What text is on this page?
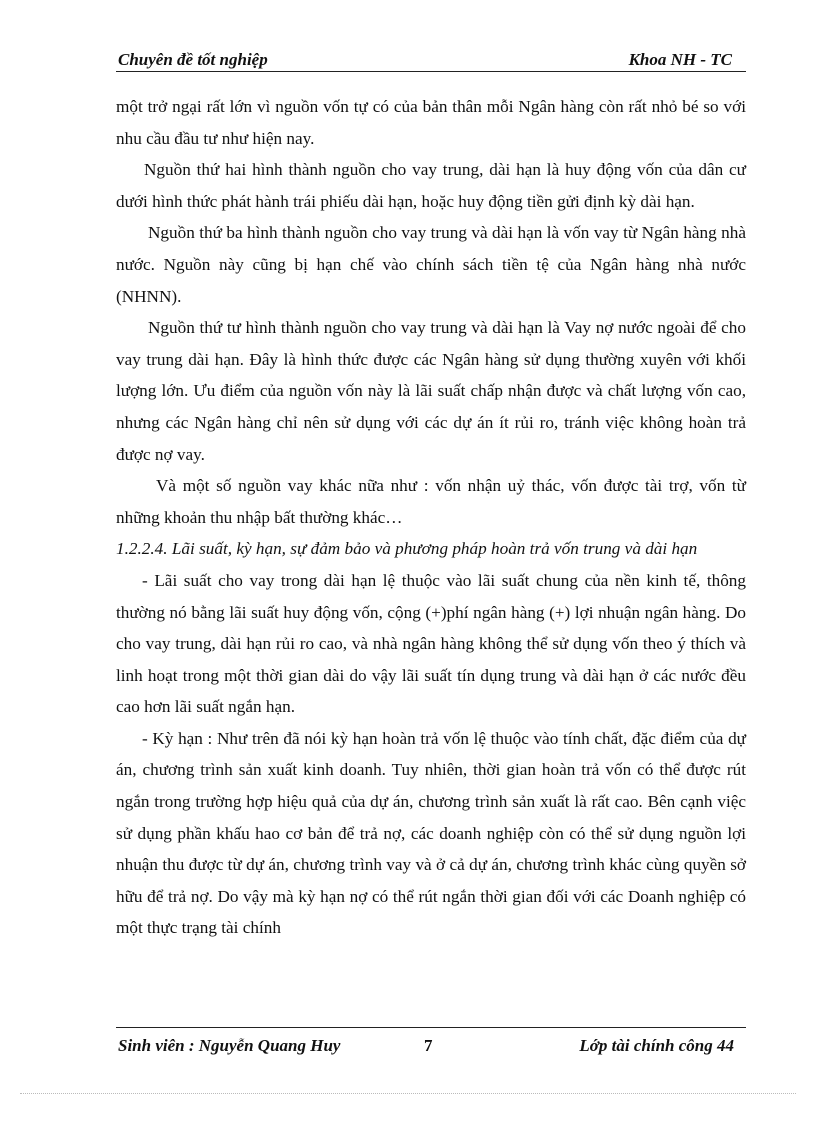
Chuyên đề tốt nghiệp	Khoa NH - TC

một trở ngại rất lớn vì nguồn vốn tự có của bản thân mỗi Ngân hàng còn rất nhỏ bé so với nhu cầu đầu tư như hiện nay.

Nguồn thứ hai hình thành nguồn cho vay trung, dài hạn là huy động vốn của dân cư dưới hình thức phát hành trái phiếu dài hạn, hoặc huy động tiền gửi định kỳ dài hạn.

Nguồn thứ ba hình thành nguồn cho vay trung và dài hạn là vốn vay từ Ngân hàng nhà nước. Nguồn này cũng bị hạn chế vào chính sách tiền tệ của Ngân hàng nhà nước (NHNN).

Nguồn thứ tư hình thành nguồn cho vay trung và dài hạn là Vay nợ nước ngoài để cho vay trung dài hạn. Đây là hình thức được các Ngân hàng sử dụng thường xuyên với khối lượng lớn. Ưu điểm của nguồn vốn này là lãi suất chấp nhận được và chất lượng vốn cao, nhưng các Ngân hàng chỉ nên sử dụng với các dự án ít rủi ro, tránh việc không hoàn trả được nợ vay.

Và một số nguồn vay khác nữa như : vốn nhận uỷ thác, vốn được tài trợ, vốn từ những khoản thu nhập bất thường khác…

1.2.2.4. Lãi suất, kỳ hạn, sự đảm bảo và phương pháp hoàn trả vốn trung và dài hạn

- Lãi suất cho vay trong dài hạn lệ thuộc vào lãi suất chung của nền kinh tế, thông thường nó bằng lãi suất huy động vốn, cộng (+)phí ngân hàng (+) lợi nhuận ngân hàng. Do cho vay trung, dài hạn rủi ro cao, và nhà ngân hàng không thể sử dụng vốn theo ý thích và linh hoạt trong một thời gian dài do vậy lãi suất tín dụng trung và dài hạn ở các nước đều cao hơn lãi suất ngắn hạn.

- Kỳ hạn : Như trên đã nói kỳ hạn hoàn trả vốn lệ thuộc vào tính chất, đặc điểm của dự án, chương trình sản xuất kinh doanh. Tuy nhiên, thời gian hoàn trả vốn có thể được rút ngắn trong trường hợp hiệu quả của dự án, chương trình sản xuất là rất cao. Bên cạnh việc sử dụng phần khấu hao cơ bản để trả nợ, các doanh nghiệp còn có thể sử dụng nguồn lợi nhuận thu được từ dự án, chương trình vay và ở cả dự án, chương trình khác cùng quyền sở hữu để trả nợ. Do vậy mà kỳ hạn nợ có thể rút ngắn thời gian đối với các Doanh nghiệp có một thực trạng tài chính

Sinh viên : Nguyễn Quang Huy	7	Lớp tài chính công 44
